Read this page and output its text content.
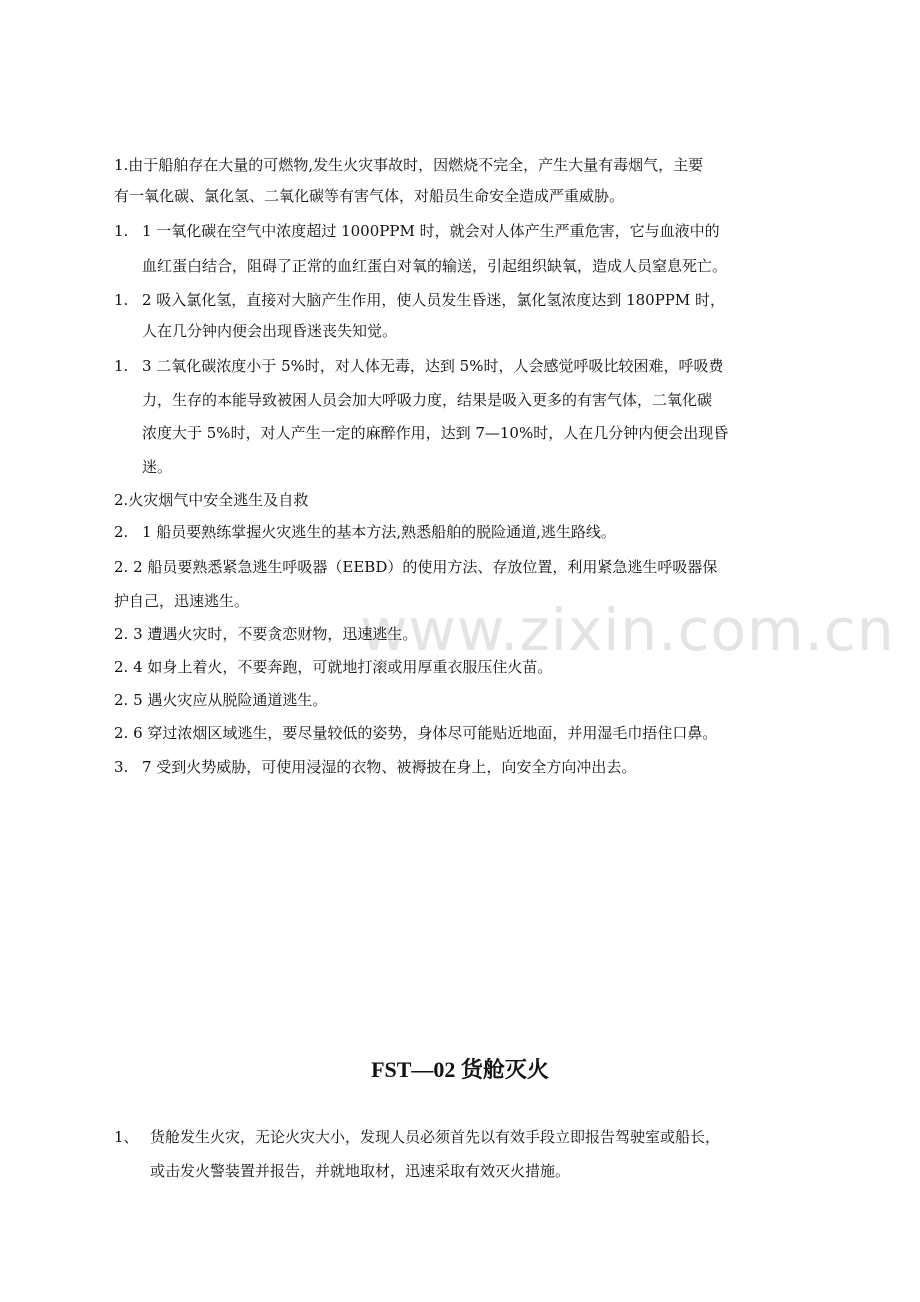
www.zixin.com.cn
1.由于船舶存在大量的可燃物,发生火灾事故时，因燃烧不完全，产生大量有毒烟气，主要
有一氧化碳、氯化氢、二氧化碳等有害气体，对船员生命安全造成严重威胁。
1. 1 一氧化碳在空气中浓度超过 1000PPM 时，就会对人体产生严重危害，它与血液中的
血红蛋白结合，阻碍了正常的血红蛋白对氧的输送，引起组织缺氧，造成人员窒息死亡。
1. 2 吸入氯化氢，直接对大脑产生作用，使人员发生昏迷，氯化氢浓度达到 180PPM 时，
人在几分钟内便会出现昏迷丧失知觉。
1. 3 二氧化碳浓度小于 5%时，对人体无毒，达到 5%时，人会感觉呼吸比较困难，呼吸费
力，生存的本能导致被困人员会加大呼吸力度，结果是吸入更多的有害气体，二氧化碳
浓度大于 5%时，对人产生一定的麻醉作用，达到 7—10%时，人在几分钟内便会出现昏
迷。
2.火灾烟气中安全逃生及自救
2. 1 船员要熟练掌握火灾逃生的基本方法,熟悉船舶的脱险通道,逃生路线。
2. 2 船员要熟悉紧急逃生呼吸器（EEBD）的使用方法、存放位置，利用紧急逃生呼吸器保
护自己，迅速逃生。
2. 3 遭遇火灾时，不要贪恋财物，迅速逃生。
2. 4 如身上着火，不要奔跑，可就地打滚或用厚重衣服压住火苗。
2. 5 遇火灾应从脱险通道逃生。
2. 6 穿过浓烟区域逃生，要尽量较低的姿势，身体尽可能贴近地面，并用湿毛巾捂住口鼻。
3. 7 受到火势威胁，可使用浸湿的衣物、被褥披在身上，向安全方向冲出去。
FST—02 货舱灭火
1、 货舱发生火灾，无论火灾大小，发现人员必须首先以有效手段立即报告驾驶室或船长，
或击发火警装置并报告，并就地取材，迅速采取有效灭火措施。
